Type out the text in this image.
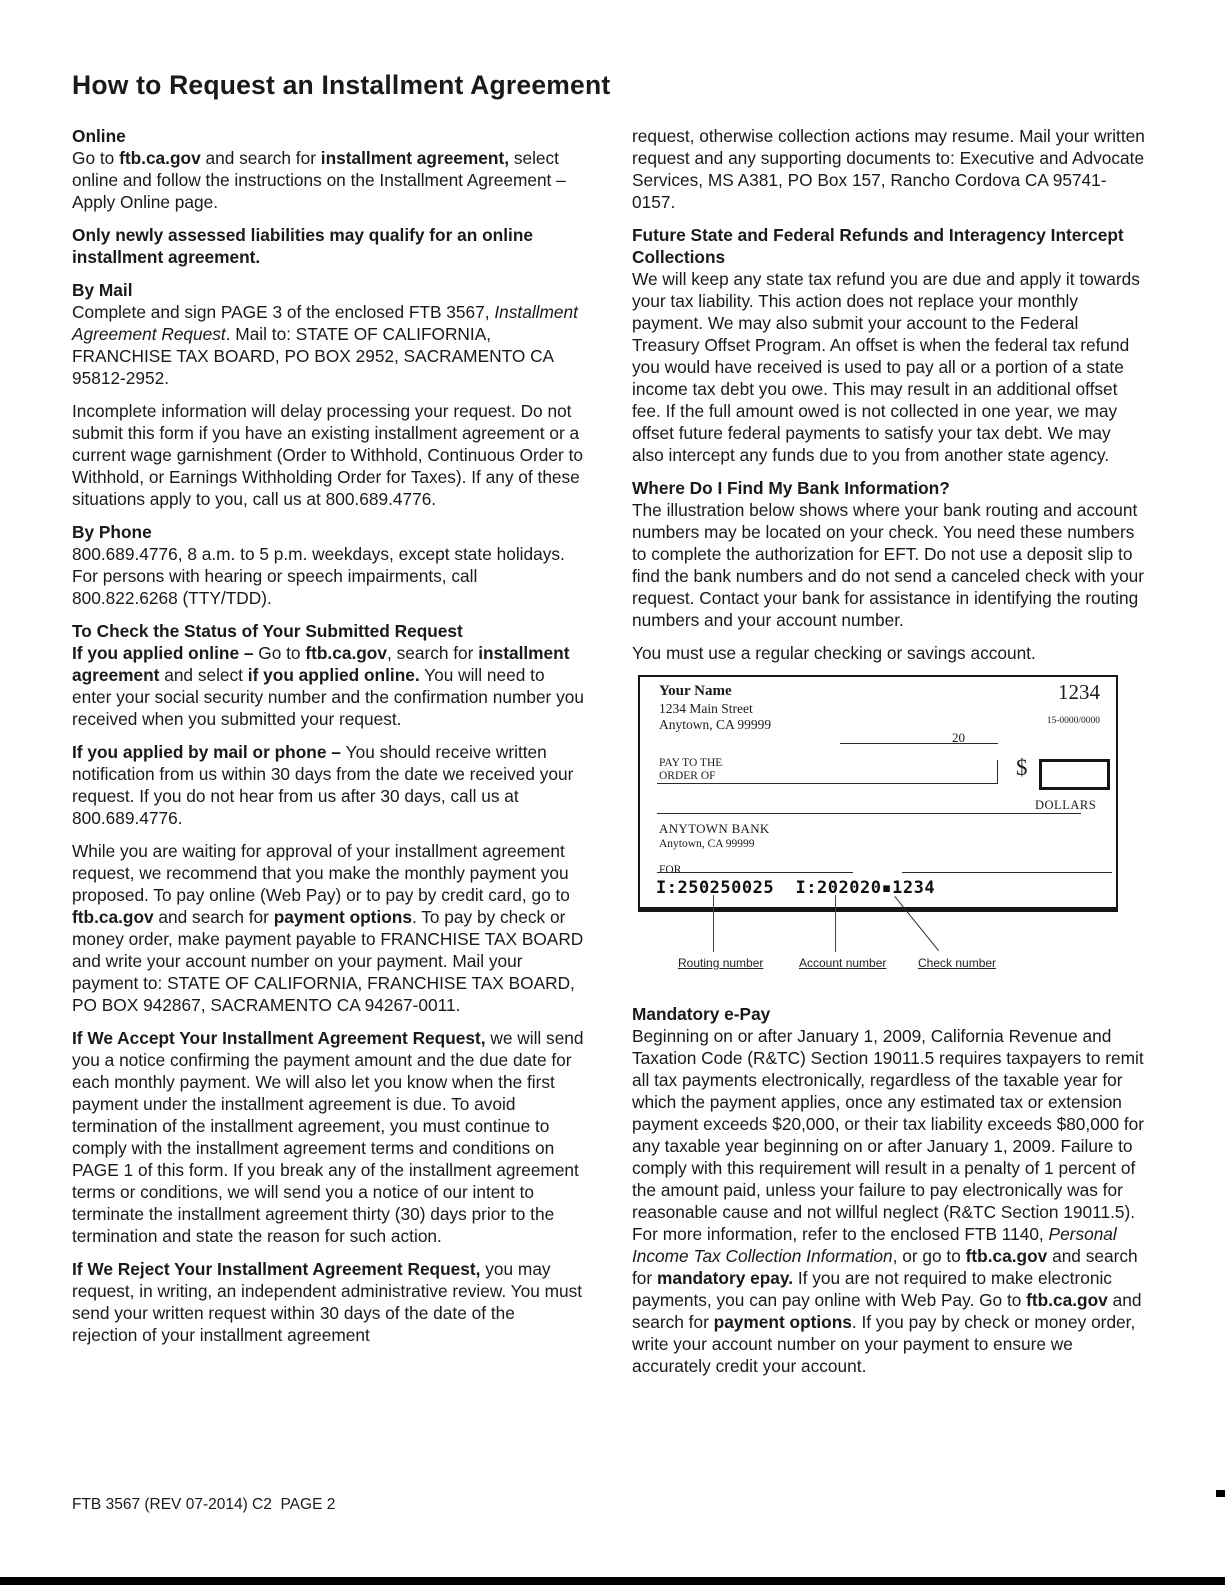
How to Request an Installment Agreement
Online

Go to ftb.ca.gov and search for installment agreement, select online and follow the instructions on the Installment Agreement – Apply Online page.

Only newly assessed liabilities may qualify for an online installment agreement.

By Mail

Complete and sign PAGE 3 of the enclosed FTB 3567, Installment Agreement Request. Mail to: STATE OF CALIFORNIA, FRANCHISE TAX BOARD, PO BOX 2952, SACRAMENTO CA 95812-2952.

Incomplete information will delay processing your request. Do not submit this form if you have an existing installment agreement or a current wage garnishment (Order to Withhold, Continuous Order to Withhold, or Earnings Withholding Order for Taxes). If any of these situations apply to you, call us at 800.689.4776.

By Phone

800.689.4776, 8 a.m. to 5 p.m. weekdays, except state holidays. For persons with hearing or speech impairments, call 800.822.6268 (TTY/TDD).

To Check the Status of Your Submitted Request

If you applied online – Go to ftb.ca.gov, search for installment agreement and select if you applied online. You will need to enter your social security number and the confirmation number you received when you submitted your request.

If you applied by mail or phone – You should receive written notification from us within 30 days from the date we received your request. If you do not hear from us after 30 days, call us at 800.689.4776.

While you are waiting for approval of your installment agreement request, we recommend that you make the monthly payment you proposed. To pay online (Web Pay) or to pay by credit card, go to ftb.ca.gov and search for payment options. To pay by check or money order, make payment payable to FRANCHISE TAX BOARD and write your account number on your payment. Mail your payment to: STATE OF CALIFORNIA, FRANCHISE TAX BOARD, PO BOX 942867, SACRAMENTO CA 94267-0011.

If We Accept Your Installment Agreement Request, we will send you a notice confirming the payment amount and the due date for each monthly payment. We will also let you know when the first payment under the installment agreement is due. To avoid termination of the installment agreement, you must continue to comply with the installment agreement terms and conditions on PAGE 1 of this form. If you break any of the installment agreement terms or conditions, we will send you a notice of our intent to terminate the installment agreement thirty (30) days prior to the termination and state the reason for such action.

If We Reject Your Installment Agreement Request, you may request, in writing, an independent administrative review. You must send your written request within 30 days of the date of the rejection of your installment agreement

request, otherwise collection actions may resume. Mail your written request and any supporting documents to: Executive and Advocate Services, MS A381, PO Box 157, Rancho Cordova CA 95741-0157.

Future State and Federal Refunds and Interagency Intercept Collections

We will keep any state tax refund you are due and apply it towards your tax liability. This action does not replace your monthly payment. We may also submit your account to the Federal Treasury Offset Program. An offset is when the federal tax refund you would have received is used to pay all or a portion of a state income tax debt you owe. This may result in an additional offset fee. If the full amount owed is not collected in one year, we may offset future federal payments to satisfy your tax debt. We may also intercept any funds due to you from another state agency.

Where Do I Find My Bank Information?

The illustration below shows where your bank routing and account numbers may be located on your check. You need these numbers to complete the authorization for EFT. Do not use a deposit slip to find the bank numbers and do not send a canceled check with your request. Contact your bank for assistance in identifying the routing numbers and your account number.

You must use a regular checking or savings account.

Your Name
1234 Main Street
Anytown, CA 99999
1234
15-0000/0000
20
PAY TO THE
ORDER OF	$
DOLLARS
ANYTOWN BANK
Anytown, CA 99999
FOR
I:250250025  I:202020▪1234
Routing number	Account number	Check number
Mandatory e-Pay

Beginning on or after January 1, 2009, California Revenue and Taxation Code (R&TC) Section 19011.5 requires taxpayers to remit all tax payments electronically, regardless of the taxable year for which the payment applies, once any estimated tax or extension payment exceeds $20,000, or their tax liability exceeds $80,000 for any taxable year beginning on or after January 1, 2009. Failure to comply with this requirement will result in a penalty of 1 percent of the amount paid, unless your failure to pay electronically was for reasonable cause and not willful neglect (R&TC Section 19011.5). For more information, refer to the enclosed FTB 1140, Personal Income Tax Collection Information, or go to ftb.ca.gov and search for mandatory epay. If you are not required to make electronic payments, you can pay online with Web Pay. Go to ftb.ca.gov and search for payment options. If you pay by check or money order, write your account number on your payment to ensure we accurately credit your account.

FTB 3567 (REV 07-2014) C2  PAGE 2
